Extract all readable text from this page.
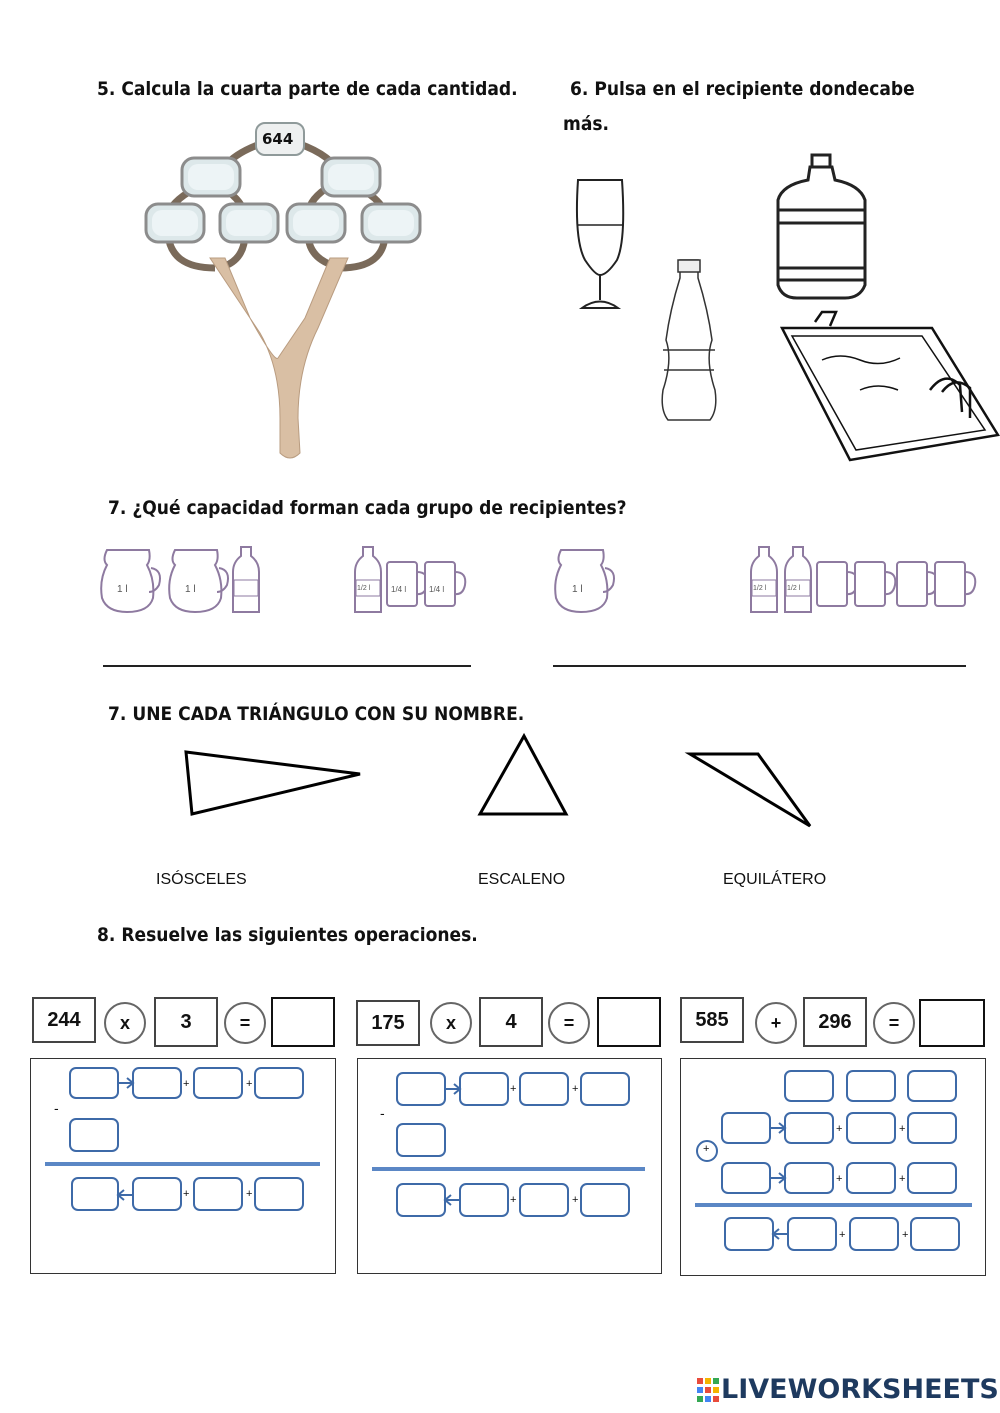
5. Calcula la cuarta parte de cada cantidad.
644
6. Pulsa en el recipiente dondecabe
más.
7. ¿Qué capacidad forman cada grupo de recipientes?
1 l	1 l	1/2 l	1/4 l	1/4 l	1 l	1/2 l	1/2 l
7. UNE CADA TRIÁNGULO CON SU NOMBRE.
ISÓSCELES	ESCALENO	EQUILÁTERO
8. Resuelve las siguientes operaciones.
244	x	3	=	175	x	4	=	585	+	296	=
+	+
+	+
-
+	+
+	+
-
+	+
+	+
+	+
+
LIVEWORKSHEETS
